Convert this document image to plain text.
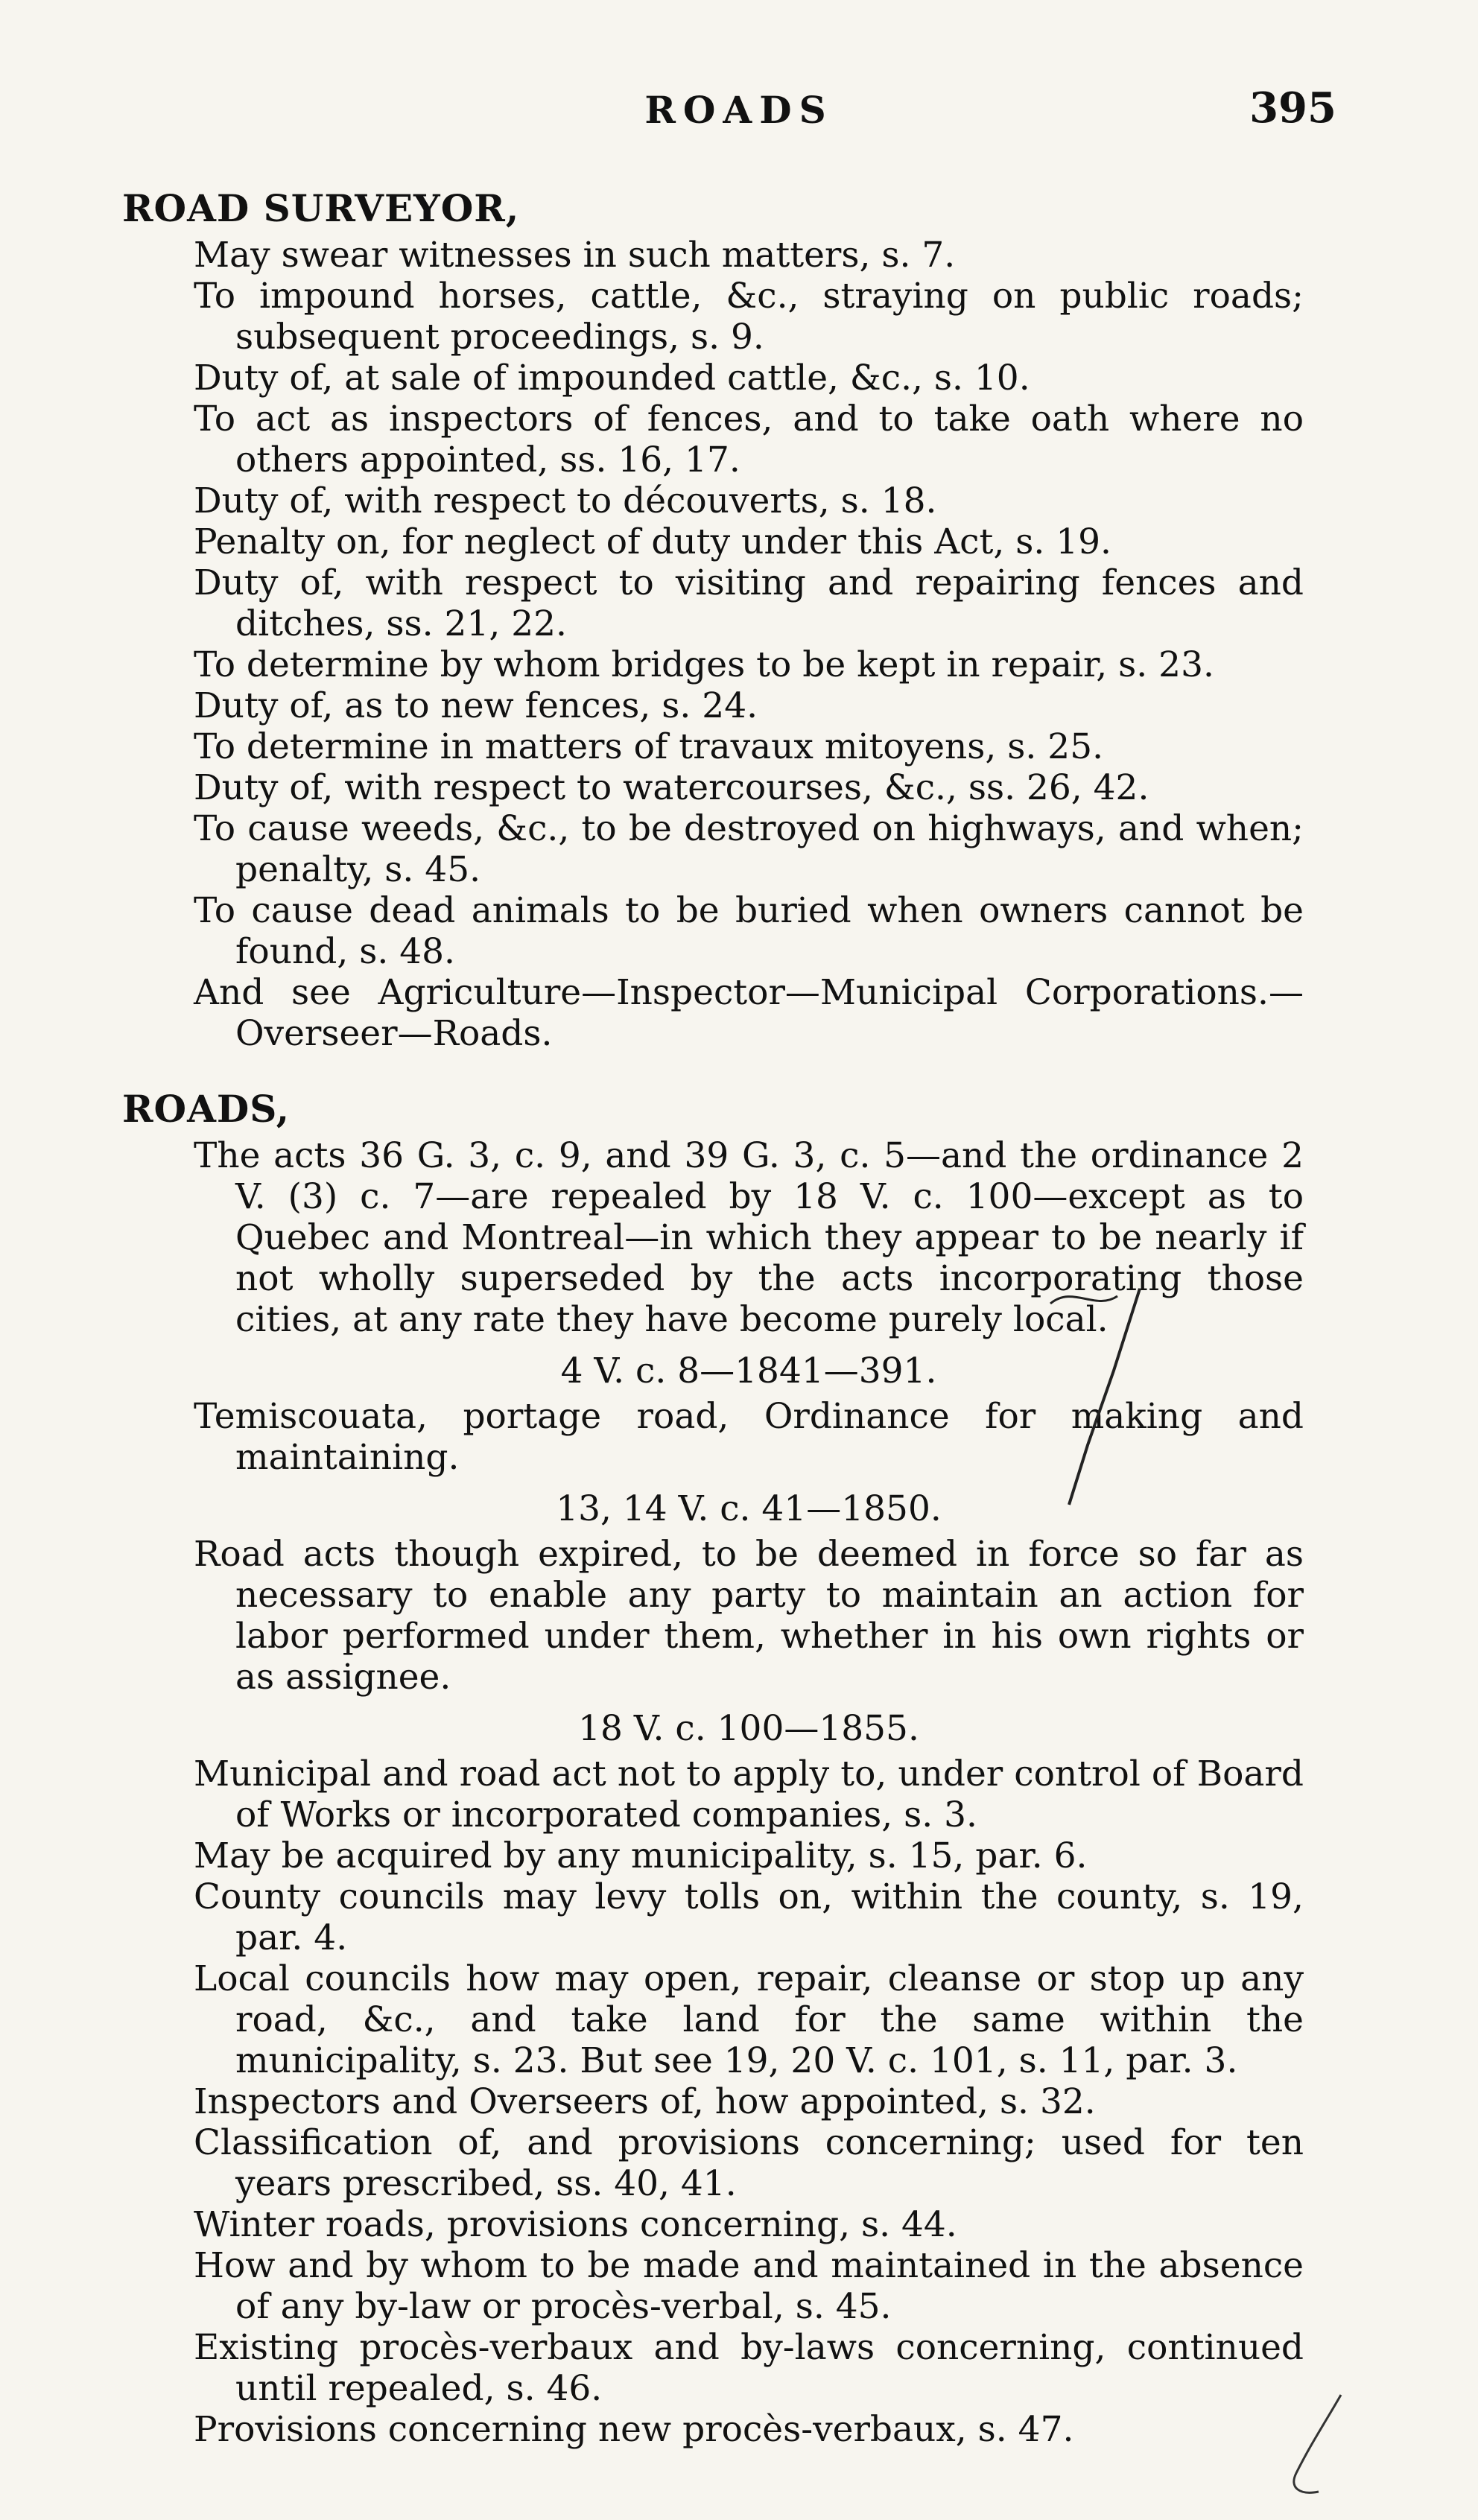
ROADS	395
ROAD SURVEYOR,
May swear witnesses in such matters, s. 7.
To impound horses, cattle, &c., straying on public roads; subsequent proceedings, s. 9.
Duty of, at sale of impounded cattle, &c., s. 10.
To act as inspectors of fences, and to take oath where no others appointed, ss. 16, 17.
Duty of, with respect to découverts, s. 18.
Penalty on, for neglect of duty under this Act, s. 19.
Duty of, with respect to visiting and repairing fences and ditches, ss. 21, 22.
To determine by whom bridges to be kept in repair, s. 23.
Duty of, as to new fences, s. 24.
To determine in matters of travaux mitoyens, s. 25.
Duty of, with respect to watercourses, &c., ss. 26, 42.
To cause weeds, &c., to be destroyed on highways, and when; penalty, s. 45.
To cause dead animals to be buried when owners cannot be found, s. 48.
And see Agriculture—Inspector—Municipal Corporations.—Overseer—Roads.
ROADS,
The acts 36 G. 3, c. 9, and 39 G. 3, c. 5—and the ordinance 2 V. (3) c. 7—are repealed by 18 V. c. 100—except as to Quebec and Montreal—in which they appear to be nearly if not wholly superseded by the acts incorporating those cities, at any rate they have become purely local.
4 V. c. 8—1841—391.
Temiscouata, portage road, Ordinance for making and maintaining.
13, 14 V. c. 41—1850.
Road acts though expired, to be deemed in force so far as necessary to enable any party to maintain an action for labor performed under them, whether in his own rights or as assignee.
18 V. c. 100—1855.
Municipal and road act not to apply to, under control of Board of Works or incorporated companies, s. 3.
May be acquired by any municipality, s. 15, par. 6.
County councils may levy tolls on, within the county, s. 19, par. 4.
Local councils how may open, repair, cleanse or stop up any road, &c., and take land for the same within the municipality, s. 23. But see 19, 20 V. c. 101, s. 11, par. 3.
Inspectors and Overseers of, how appointed, s. 32.
Classification of, and provisions concerning; used for ten years prescribed, ss. 40, 41.
Winter roads, provisions concerning, s. 44.
How and by whom to be made and maintained in the absence of any by-law or procès-verbal, s. 45.
Existing procès-verbaux and by-laws concerning, continued until repealed, s. 46.
Provisions concerning new procès-verbaux, s. 47.
